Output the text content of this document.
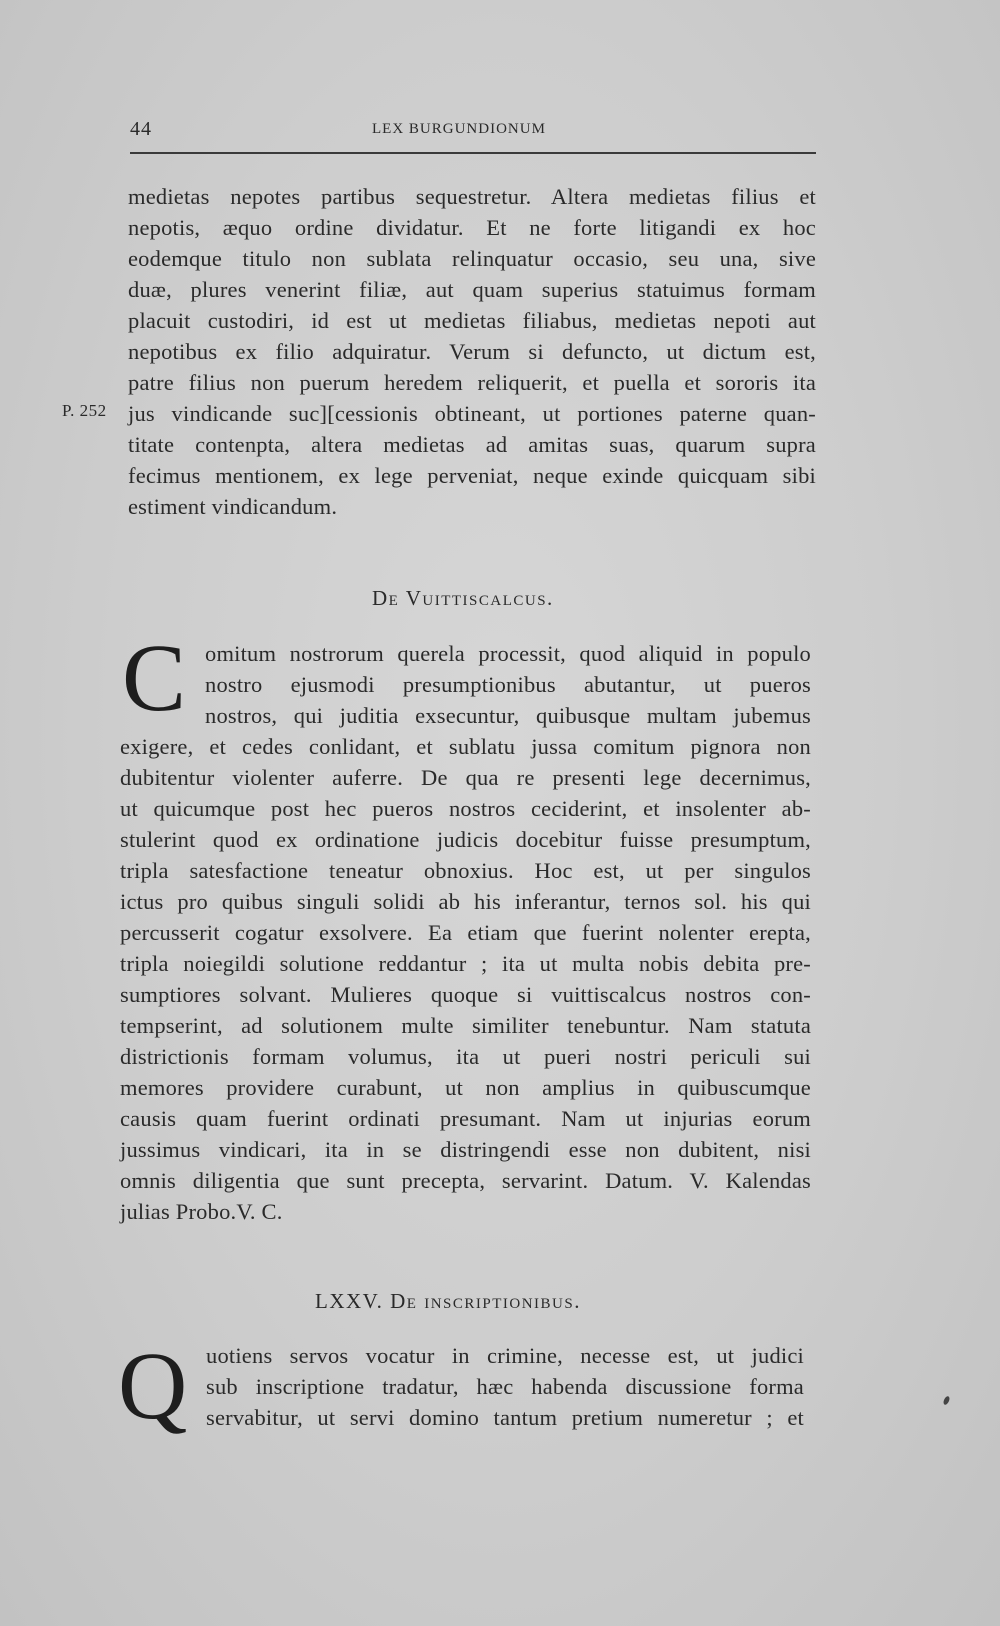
44	LEX BURGUNDIONUM
P. 252
medietas nepotes partibus sequestretur. Altera medietas filius et
nepotis, æquo ordine dividatur. Et ne forte litigandi ex hoc
eodemque titulo non sublata relinquatur occasio, seu una, sive
duæ, plures venerint filiæ, aut quam superius statuimus formam
placuit custodiri, id est ut medietas filiabus, medietas nepoti aut
nepotibus ex filio adquiratur. Verum si defuncto, ut dictum est,
patre filius non puerum heredem reliquerit, et puella et sororis ita
jus vindicande suc][cessionis obtineant, ut portiones paterne quan-
titate contenpta, altera medietas ad amitas suas, quarum supra
fecimus mentionem, ex lege perveniat, neque exinde quicquam sibi
estiment vindicandum.
De Vuittiscalcus.
C omitum nostrorum querela processit, quod aliquid in populo
nostro ejusmodi presumptionibus abutantur, ut pueros
nostros, qui juditia exsecuntur, quibusque multam jubemus
exigere, et cedes conlidant, et sublatu jussa comitum pignora non
dubitentur violenter auferre. De qua re presenti lege decernimus,
ut quicumque post hec pueros nostros ceciderint, et insolenter ab-
stulerint quod ex ordinatione judicis docebitur fuisse presumptum,
tripla satesfactione teneatur obnoxius. Hoc est, ut per singulos
ictus pro quibus singuli solidi ab his inferantur, ternos sol. his qui
percusserit cogatur exsolvere. Ea etiam que fuerint nolenter erepta,
tripla noiegildi solutione reddantur ; ita ut multa nobis debita pre-
sumptiores solvant. Mulieres quoque si vuittiscalcus nostros con-
tempserint, ad solutionem multe similiter tenebuntur. Nam statuta
districtionis formam volumus, ita ut pueri nostri periculi sui
memores providere curabunt, ut non amplius in quibuscumque
causis quam fuerint ordinati presumant. Nam ut injurias eorum
jussimus vindicari, ita in se distringendi esse non dubitent, nisi
omnis diligentia que sunt precepta, servarint. Datum. V. Kalendas
julias Probo.V. C.
LXXV. De inscriptionibus.
Q uotiens servos vocatur in crimine, necesse est, ut judici
sub inscriptione tradatur, hæc habenda discussione forma
servabitur, ut servi domino tantum pretium numeretur ; et
